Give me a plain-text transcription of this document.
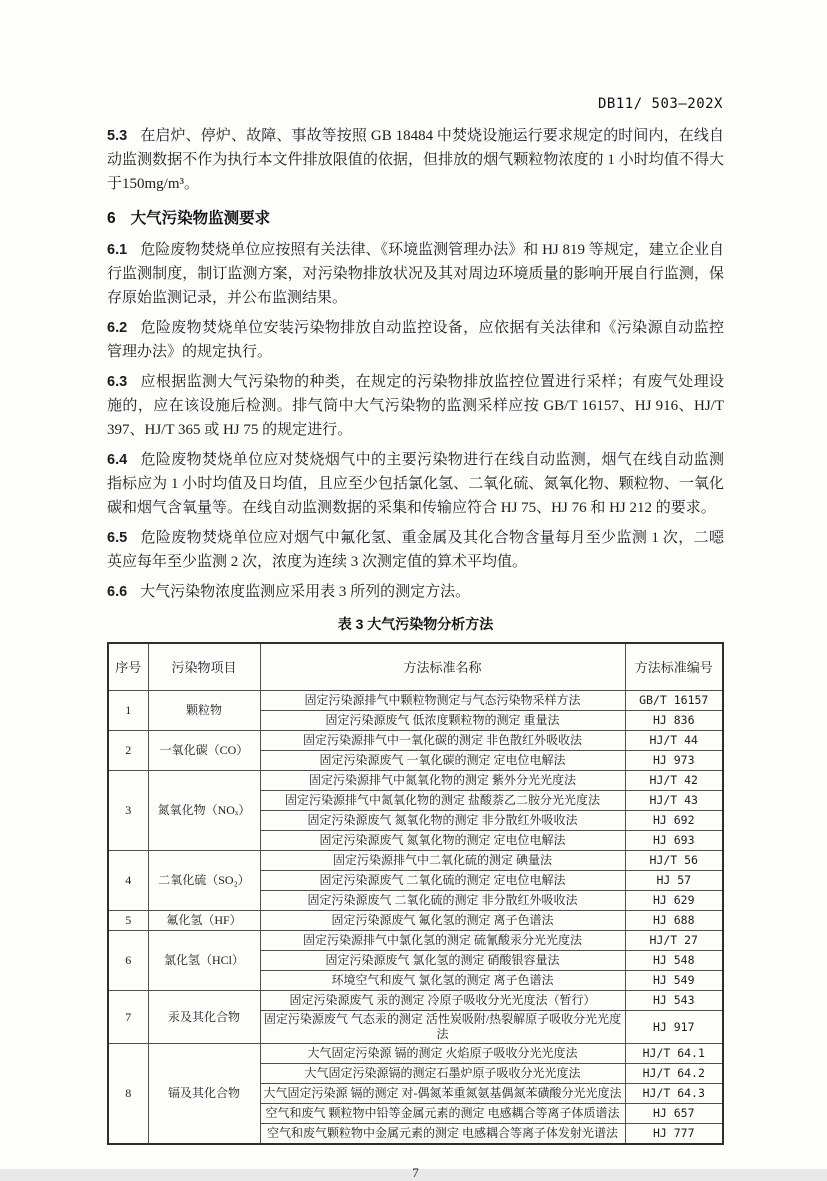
DB11/ 503—202X

5.3 在启炉、停炉、故障、事故等按照 GB 18484 中焚烧设施运行要求规定的时间内，在线自动监测数据不作为执行本文件排放限值的依据，但排放的烟气颗粒物浓度的 1 小时均值不得大于150mg/m³。

6 大气污染物监测要求

6.1 危险废物焚烧单位应按照有关法律、《环境监测管理办法》和 HJ 819 等规定，建立企业自行监测制度，制订监测方案，对污染物排放状况及其对周边环境质量的影响开展自行监测，保存原始监测记录，并公布监测结果。

6.2 危险废物焚烧单位安装污染物排放自动监控设备，应依据有关法律和《污染源自动监控管理办法》的规定执行。

6.3 应根据监测大气污染物的种类，在规定的污染物排放监控位置进行采样；有废气处理设施的，应在该设施后检测。排气筒中大气污染物的监测采样应按 GB/T 16157、HJ 916、HJ/T 397、HJ/T 365 或 HJ 75 的规定进行。

6.4 危险废物焚烧单位应对焚烧烟气中的主要污染物进行在线自动监测，烟气在线自动监测指标应为 1 小时均值及日均值，且应至少包括氯化氢、二氧化硫、氮氧化物、颗粒物、一氧化碳和烟气含氧量等。在线自动监测数据的采集和传输应符合 HJ 75、HJ 76 和 HJ 212 的要求。

6.5 危险废物焚烧单位应对烟气中氟化氢、重金属及其化合物含量每月至少监测 1 次，二噁英应每年至少监测 2 次，浓度为连续 3 次测定值的算术平均值。

6.6 大气污染物浓度监测应采用表 3 所列的测定方法。

表 3 大气污染物分析方法
序号	污染物项目	方法标准名称	方法标准编号
1	颗粒物	固定污染源排气中颗粒物测定与气态污染物采样方法	GB/T 16157
		固定污染源废气 低浓度颗粒物的测定 重量法	HJ 836
2	一氧化碳（CO）	固定污染源排气中一氧化碳的测定 非色散红外吸收法	HJ/T 44
		固定污染源废气 一氧化碳的测定 定电位电解法	HJ 973
3	氮氧化物（NOₓ）	固定污染源排气中氮氧化物的测定 紫外分光光度法	HJ/T 42
		固定污染源排气中氮氧化物的测定 盐酸萘乙二胺分光光度法	HJ/T 43
		固定污染源废气 氮氧化物的测定 非分散红外吸收法	HJ 692
		固定污染源废气 氮氧化物的测定 定电位电解法	HJ 693
4	二氧化硫（SO₂）	固定污染源排气中二氧化硫的测定 碘量法	HJ/T 56
		固定污染源废气 二氧化硫的测定 定电位电解法	HJ 57
		固定污染源废气 二氧化硫的测定 非分散红外吸收法	HJ 629
5	氟化氢（HF）	固定污染源废气 氟化氢的测定 离子色谱法	HJ 688
6	氯化氢（HCl）	固定污染源排气中氯化氢的测定 硫氰酸汞分光光度法	HJ/T 27
		固定污染源废气 氯化氢的测定 硝酸银容量法	HJ 548
		环境空气和废气 氯化氢的测定 离子色谱法	HJ 549
7	汞及其化合物	固定污染源废气 汞的测定 冷原子吸收分光光度法（暂行）	HJ 543
		固定污染源废气 气态汞的测定 活性炭吸附/热裂解原子吸收分光光度法	HJ 917
8	镉及其化合物	大气固定污染源 镉的测定 火焰原子吸收分光光度法	HJ/T 64.1
		大气固定污染源镉的测定石墨炉原子吸收分光光度法	HJ/T 64.2
		大气固定污染源 镉的测定 对-偶氮苯重氮氨基偶氮苯磺酸分光光度法	HJ/T 64.3
		空气和废气 颗粒物中铅等金属元素的测定 电感耦合等离子体质谱法	HJ 657
		空气和废气颗粒物中金属元素的测定 电感耦合等离子体发射光谱法	HJ 777
7
